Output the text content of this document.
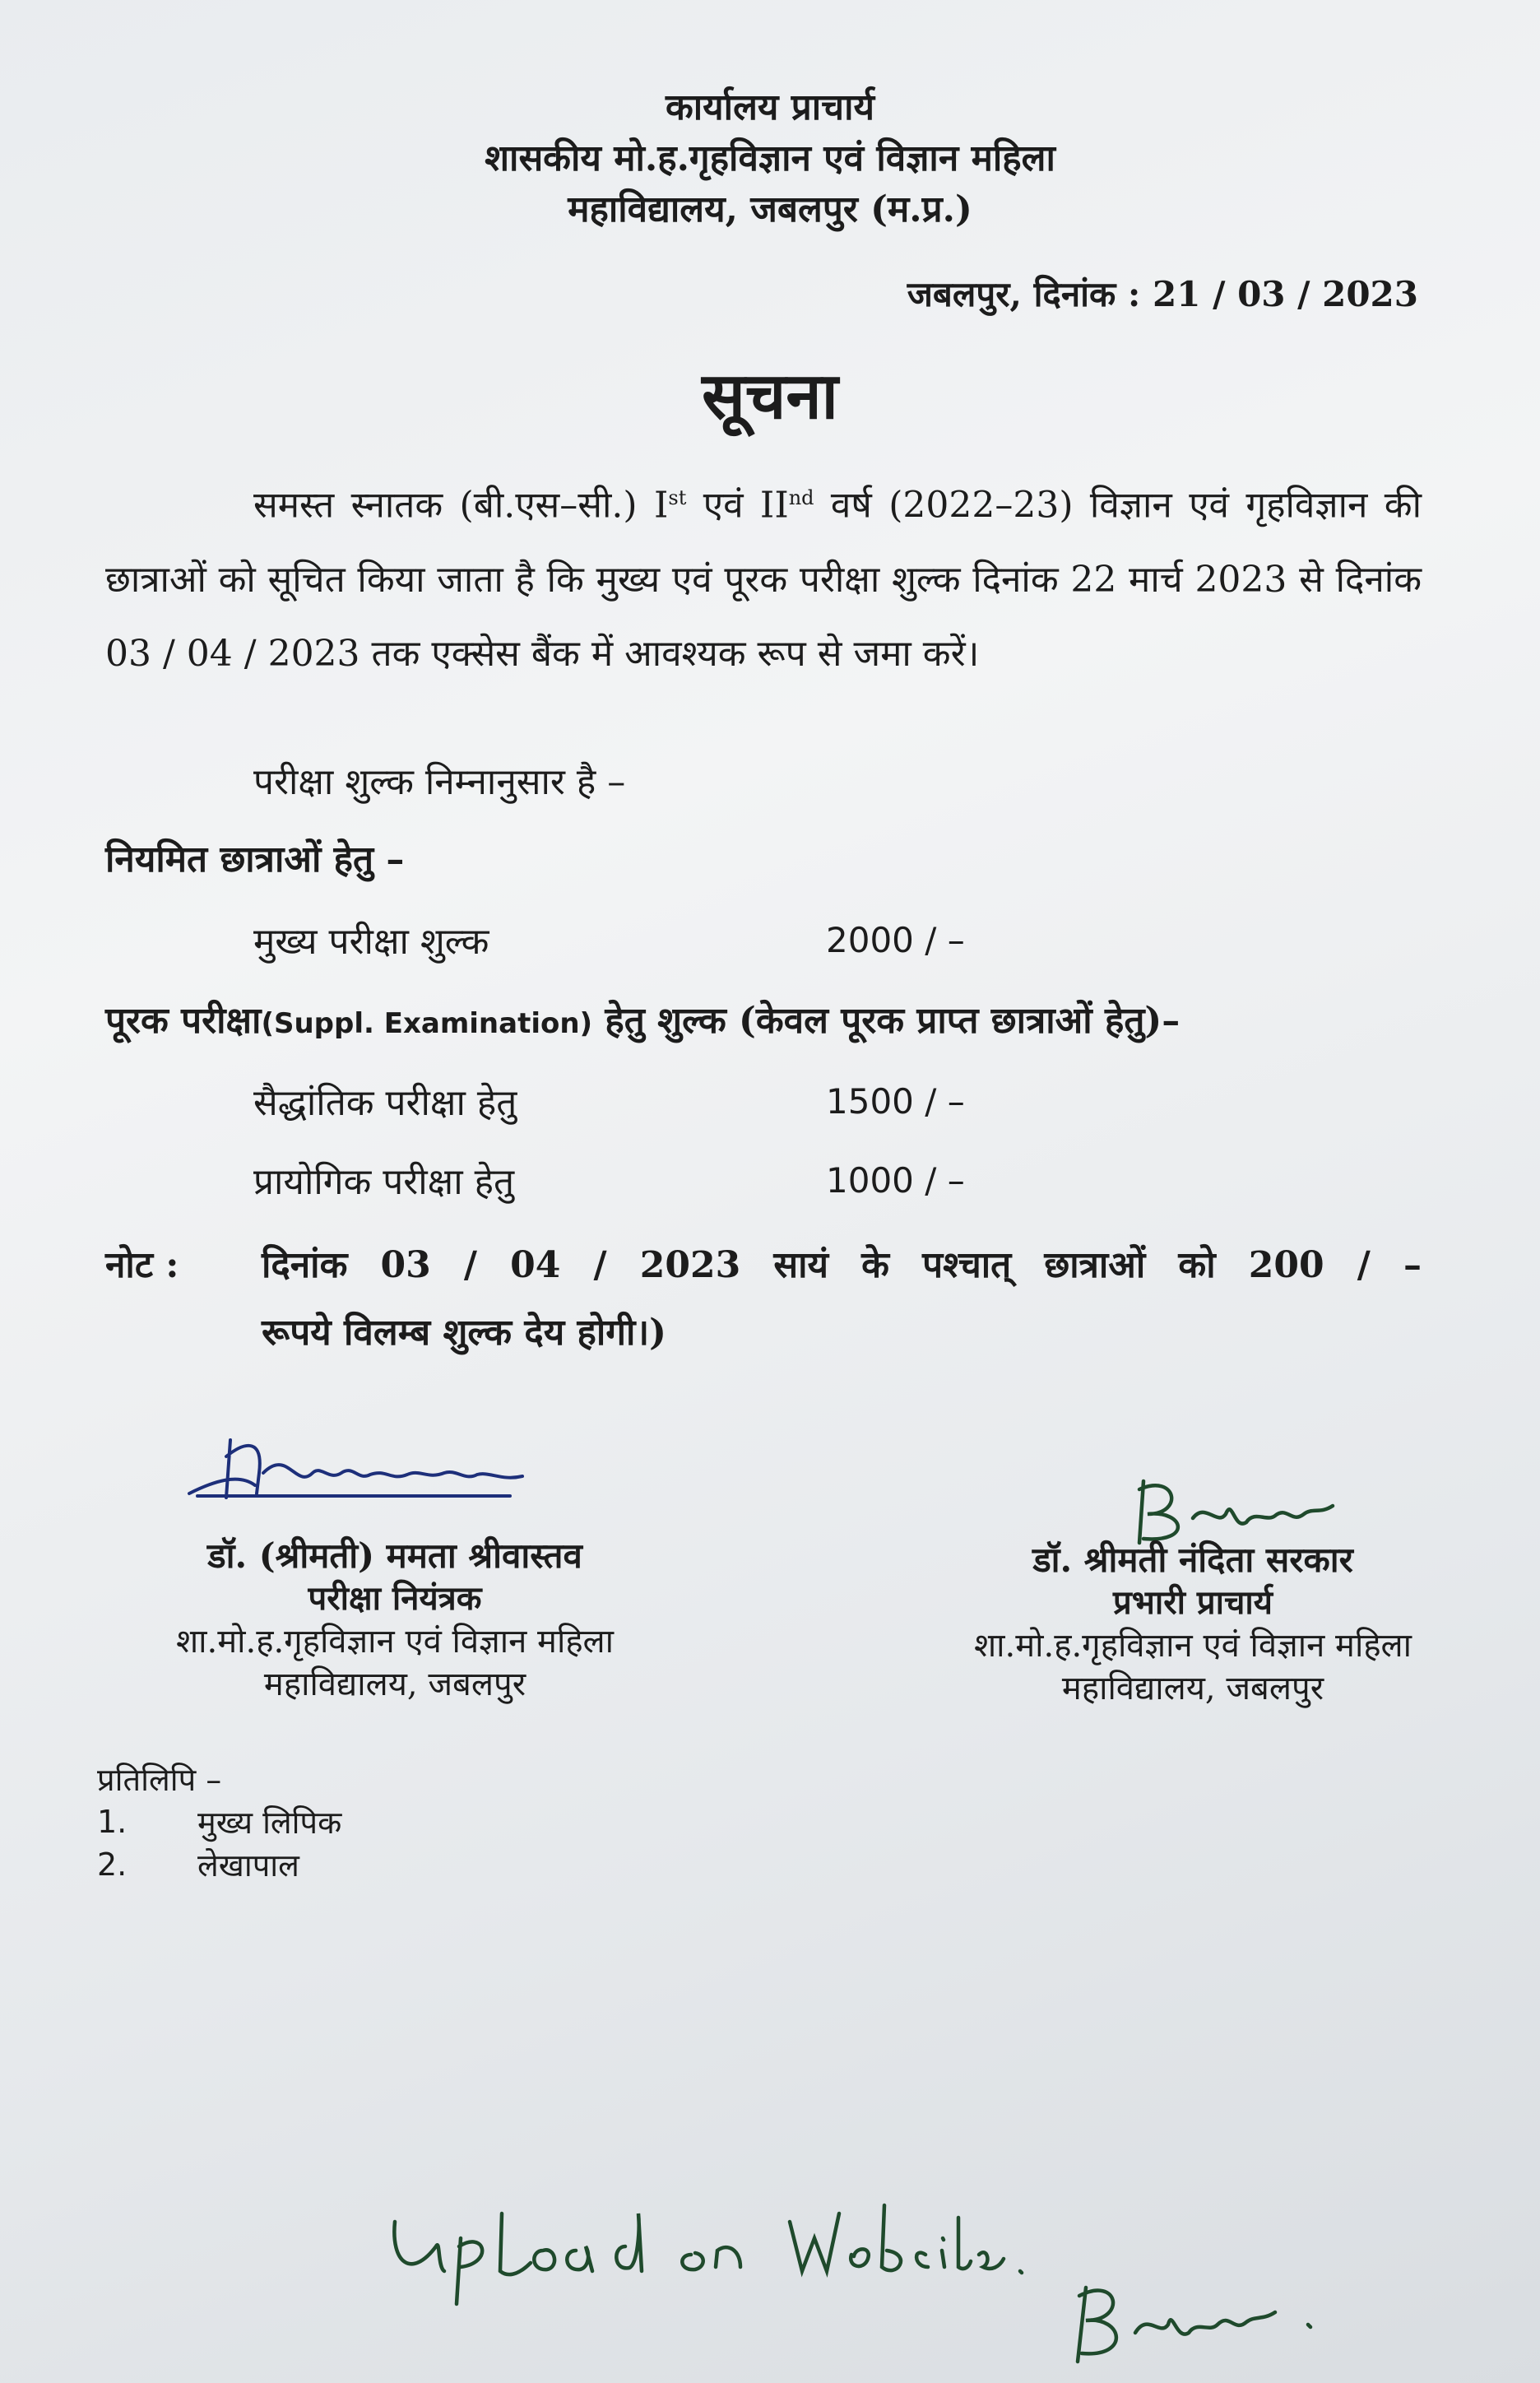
कार्यालय प्राचार्य
शासकीय मो.ह.गृहविज्ञान एवं विज्ञान महिला
महाविद्यालय, जबलपुर (म.प्र.)
जबलपुर, दिनांक : 21 / 03 / 2023
सूचना
समस्त स्नातक (बी.एस–सी.) Ist एवं IInd वर्ष (2022–23) विज्ञान एवं गृहविज्ञान की छात्राओं को सूचित किया जाता है कि मुख्य एवं पूरक परीक्षा शुल्क दिनांक 22 मार्च 2023 से दिनांक 03 / 04 / 2023 तक एक्सेस बैंक में आवश्यक रूप से जमा करें।
परीक्षा शुल्क निम्नानुसार है –
नियमित छात्राओं हेतु –
मुख्य परीक्षा शुल्क	2000 / –
पूरक परीक्षा(Suppl. Examination) हेतु शुल्क (केवल पूरक प्राप्त छात्राओं हेतु)–
सैद्धांतिक परीक्षा हेतु	1500 / –
प्रायोगिक परीक्षा हेतु	1000 / –
नोट : दिनांक 03 / 04 / 2023 सायं के पश्चात् छात्राओं को 200 / –
रूपये विलम्ब शुल्क देय होगी।)
डॉ. (श्रीमती) ममता श्रीवास्तव
परीक्षा नियंत्रक
शा.मो.ह.गृहविज्ञान एवं विज्ञान महिला
महाविद्यालय, जबलपुर
डॉ. श्रीमती नंदिता सरकार
प्रभारी प्राचार्य
शा.मो.ह.गृहविज्ञान एवं विज्ञान महिला
महाविद्यालय, जबलपुर
प्रतिलिपि –
1. मुख्य लिपिक
2. लेखापाल
